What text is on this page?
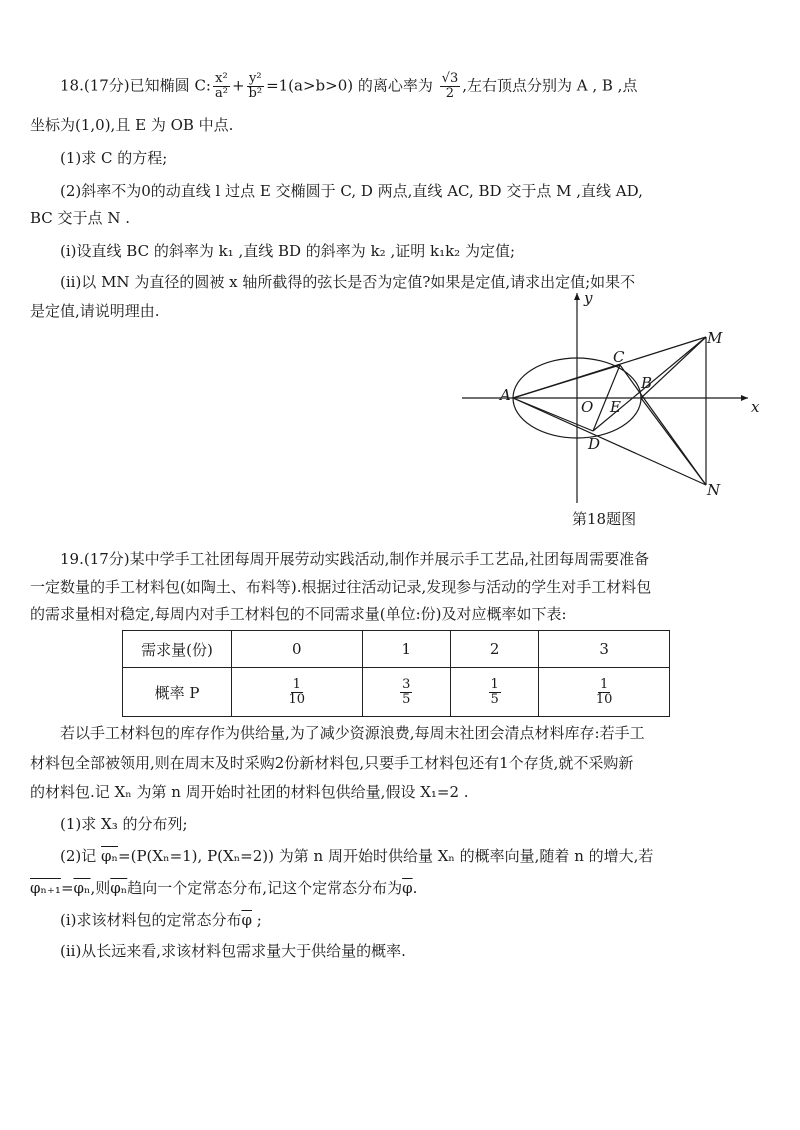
18.(17分)已知椭圆 C: $\frac{\text{x²}}{\text{a²}} + \frac{\text{y²}}{\text{b²}} =1(a>b>0)$ 的离心率为 $\frac{√3}{2}$ ,左右顶点分别为 A , B ,点
坐标为(1,0),且 E 为 OB 中点.
(1)求 C 的方程;
(2)斜率不为0的动直线 l 过点 E 交椭圆于 C, D 两点,直线 AC, BD 交于点 M ,直线 AD,
BC 交于点 N .
(i)设直线 BC 的斜率为 k₁ ,直线 BD 的斜率为 k₂ ,证明 k₁k₂ 为定值;
(ii)以 MN 为直径的圆被 x 轴所截得的弦长是否为定值?如果是定值,请求出定值;如果不
是定值,请说明理由.
y
x
O
A
B
C
D
E
M
N
第18题图
19.(17分)某中学手工社团每周开展劳动实践活动,制作并展示手工艺品,社团每周需要准备
一定数量的手工材料包(如陶土、布料等).根据过往活动记录,发现参与活动的学生对手工材料包
的需求量相对稳定,每周内对手工材料包的不同需求量(单位:份)及对应概率如下表:
需求量(份)	0	1	2	3
概率 P	$\frac{1}{10}$	$\frac{3}{5}$	$\frac{1}{5}$	$\frac{1}{10}$
若以手工材料包的库存作为供给量,为了减少资源浪费,每周末社团会清点材料库存:若手工
材料包全部被领用,则在周末及时采购2份新材料包,只要手工材料包还有1个存货,就不采购新
的材料包.记 Xₙ 为第 n 周开始时社团的材料包供给量,假设 X₁=2 .
(1)求 X₃ 的分布列;
(2)记 $\overline{\varphi_n}=(P(X_n=1)$, P(Xₙ=2)) 为第 n 周开始时供给量 Xₙ 的概率向量,随着 n 的增大,若
$\varphi_{n+1}=\overline{\varphi_n}$,则$\overline{\varphi_n}$趋向一个定常态分布,记这个定常态分布为$\overline{\varphi}$.
(i)求该材料包的定常态分布$\overline{\varphi}$ ;
(ii)从长远来看,求该材料包需求量大于供给量的概率.
